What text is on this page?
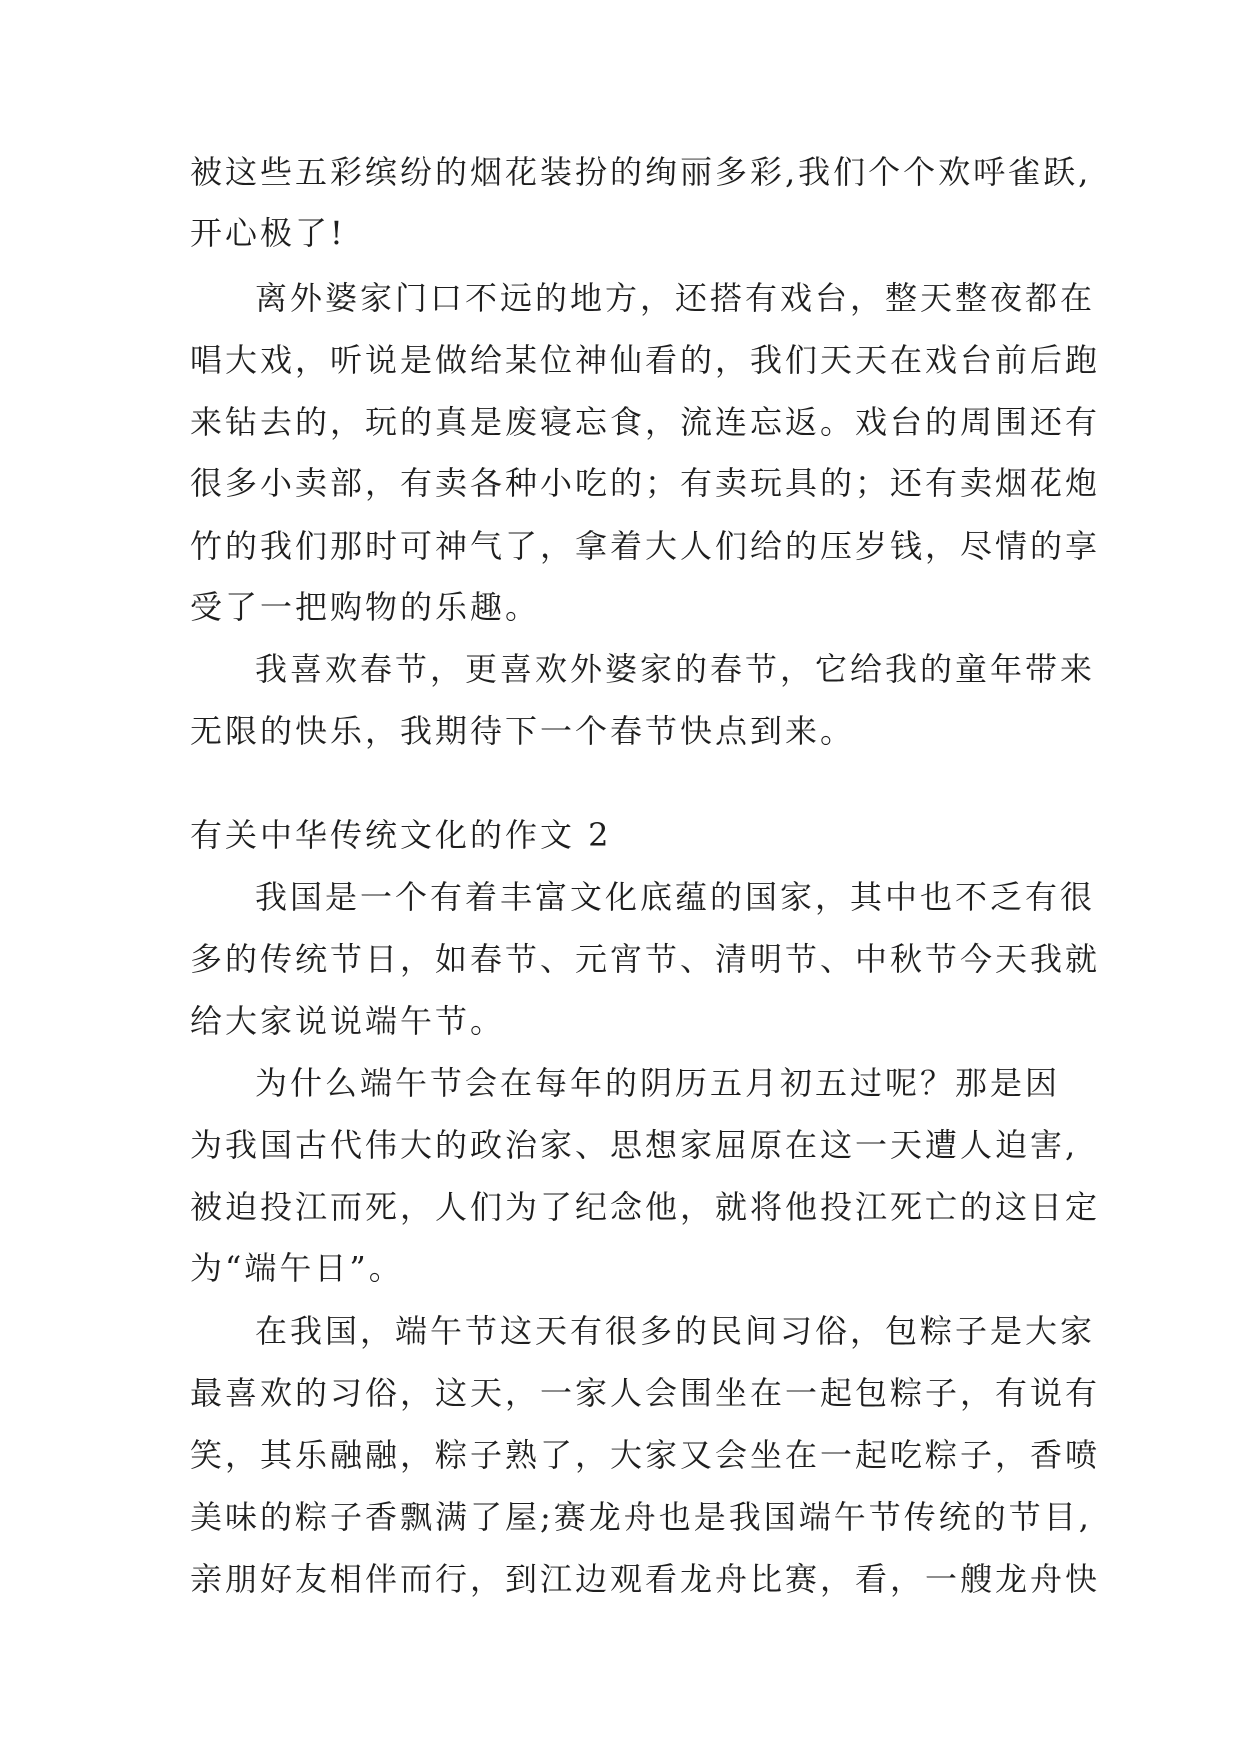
被这些五彩缤纷的烟花装扮的绚丽多彩,我们个个欢呼雀跃,
开心极了!
离外婆家门口不远的地方，还搭有戏台，整天整夜都在
唱大戏，听说是做给某位神仙看的，我们天天在戏台前后跑
来钻去的，玩的真是废寝忘食，流连忘返。戏台的周围还有
很多小卖部，有卖各种小吃的；有卖玩具的；还有卖烟花炮
竹的我们那时可神气了，拿着大人们给的压岁钱，尽情的享
受了一把购物的乐趣。
我喜欢春节，更喜欢外婆家的春节，它给我的童年带来
无限的快乐，我期待下一个春节快点到来。
有关中华传统文化的作文 2
我国是一个有着丰富文化底蕴的国家，其中也不乏有很
多的传统节日，如春节、元宵节、清明节、中秋节今天我就
给大家说说端午节。
为什么端午节会在每年的阴历五月初五过呢？那是因
为我国古代伟大的政治家、思想家屈原在这一天遭人迫害,
被迫投江而死，人们为了纪念他，就将他投江死亡的这日定
为“端午日”。
在我国，端午节这天有很多的民间习俗，包粽子是大家
最喜欢的习俗，这天，一家人会围坐在一起包粽子，有说有
笑，其乐融融，粽子熟了，大家又会坐在一起吃粽子，香喷
美味的粽子香飘满了屋;赛龙舟也是我国端午节传统的节目,
亲朋好友相伴而行，到江边观看龙舟比赛，看，一艘龙舟快
